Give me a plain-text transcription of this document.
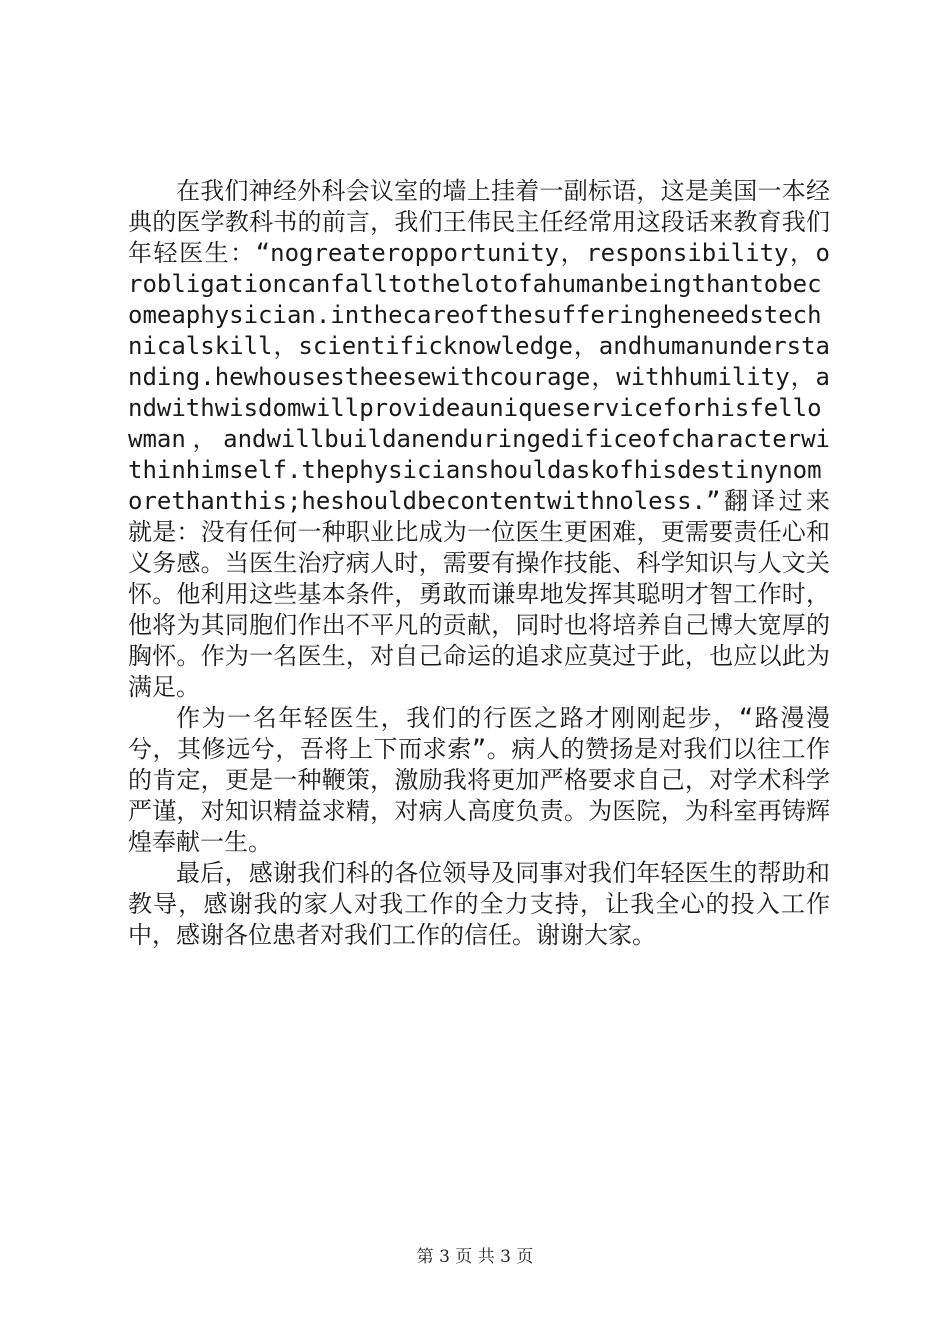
在我们神经外科会议室的墙上挂着一副标语，这是美国一本经典的医学教科书的前言，我们王伟民主任经常用这段话来教育我们年轻医生：“nogreateropportunity，responsibility，orobligationcanfalltothelotofahumanbeingthantobecomeaphysician.inthecareofthesufferingheneedstechnicalskill，scientificknowledge，andhumanunderstanding.hewhousestheesewithcourage，withhumility，andwithwisdomwillprovideauniqueserviceforhisfellowman，andwillbuildanenduringedificeofcharacterwithinhimself.thephysicianshouldaskofhisdestinynomorethanthis;heshouldbecontentwithnoless.”翻译过来就是：没有任何一种职业比成为一位医生更困难，更需要责任心和义务感。当医生治疗病人时，需要有操作技能、科学知识与人文关怀。他利用这些基本条件，勇敢而谦卑地发挥其聪明才智工作时，他将为其同胞们作出不平凡的贡献，同时也将培养自己博大宽厚的胸怀。作为一名医生，对自己命运的追求应莫过于此，也应以此为满足。

作为一名年轻医生，我们的行医之路才刚刚起步，“路漫漫兮，其修远兮，吾将上下而求索”。病人的赞扬是对我们以往工作的肯定，更是一种鞭策，激励我将更加严格要求自己，对学术科学严谨，对知识精益求精，对病人高度负责。为医院，为科室再铸辉煌奉献一生。

最后，感谢我们科的各位领导及同事对我们年轻医生的帮助和教导，感谢我的家人对我工作的全力支持，让我全心的投入工作中，感谢各位患者对我们工作的信任。谢谢大家。

第 3 页 共 3 页
